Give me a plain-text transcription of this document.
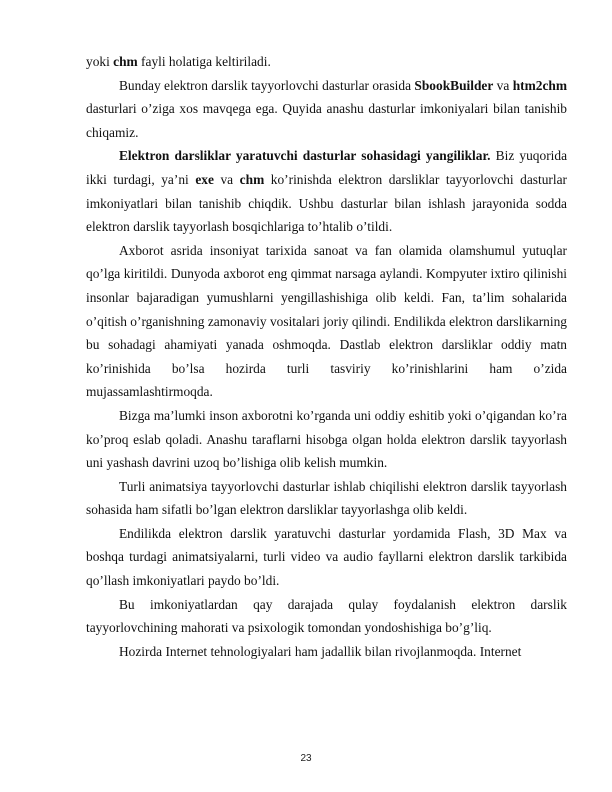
yoki chm fayli holatiga keltiriladi.

Bunday elektron darslik tayyorlovchi dasturlar orasida SbookBuilder va htm2chm dasturlari o’ziga xos mavqega ega. Quyida anashu dasturlar imkoniyalari bilan tanishib chiqamiz.

Elektron darsliklar yaratuvchi dasturlar sohasidagi yangiliklar. Biz yuqorida ikki turdagi, ya’ni exe va chm ko’rinishda elektron darsliklar tayyorlovchi dasturlar imkoniyatlari bilan tanishib chiqdik. Ushbu dasturlar bilan ishlash jarayonida sodda elektron darslik tayyorlash bosqichlariga to’htalib o’tildi.

Axborot asrida insoniyat tarixida sanoat va fan olamida olamshumul yutuqlar qo’lga kiritildi. Dunyoda axborot eng qimmat narsaga aylandi. Kompyuter ixtiro qilinishi insonlar bajaradigan yumushlarni yengillashishiga olib keldi. Fan, ta’lim sohalarida o’qitish o’rganishning zamonaviy vositalari joriy qilindi. Endilikda elektron darslikarning bu sohadagi ahamiyati yanada oshmoqda. Dastlab elektron darsliklar oddiy matn ko’rinishida bo’lsa hozirda turli tasviriy ko’rinishlarini ham o’zida mujassamlashtirmoqda.

Bizga ma’lumki inson axborotni ko’rganda uni oddiy eshitib yoki o’qigandan ko’ra ko’proq eslab qoladi. Anashu taraflarni hisobga olgan holda elektron darslik tayyorlash uni yashash davrini uzoq bo’lishiga olib kelish mumkin.

Turli animatsiya tayyorlovchi dasturlar ishlab chiqilishi elektron darslik tayyorlash sohasida ham sifatli bo’lgan elektron darsliklar tayyorlashga olib keldi.

Endilikda elektron darslik yaratuvchi dasturlar yordamida Flash, 3D Max va boshqa turdagi animatsiyalarni, turli video va audio fayllarni elektron darslik tarkibida qo’llash imkoniyatlari paydo bo’ldi.

Bu imkoniyatlardan qay darajada qulay foydalanish elektron darslik tayyorlovchining mahorati va psixologik tomondan yondoshishiga bo’g’liq.

Hozirda Internet tehnologiyalari ham jadallik bilan rivojlanmoqda. Internet

23
